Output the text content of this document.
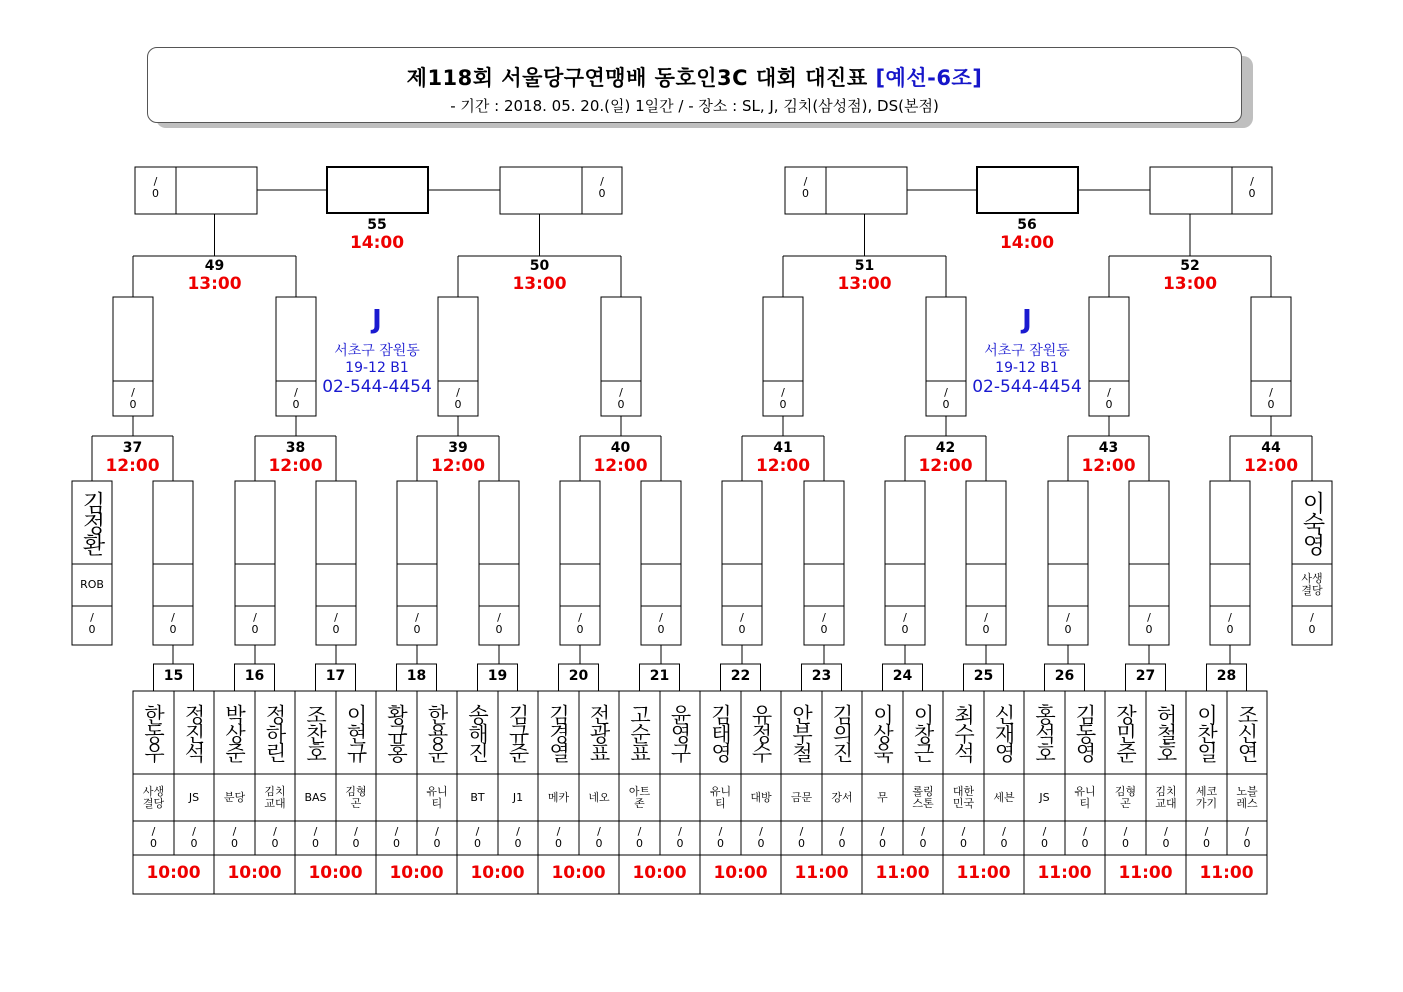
제118회 서울당구연맹배 동호인3C 대회 대진표 [예선-6조]
- 기간 : 2018. 05. 20.(일) 1일간 / - 장소 : SL, J, 김치(삼성점), DS(본점)
15
한동우
사생
결당
/
0
정진석
JS
/
0
10:00
16
박상준
분당
/
0
정하린
김치
교대
/
0
10:00
17
조찬호
BAS
/
0
이현규
김형
곤
/
0
10:00
18
황규홍
/
0
한용운
유니
티
/
0
10:00
19
송해진
BT
/
0
김규준
J1
/
0
10:00
20
김경열
메카
/
0
전광표
네오
/
0
10:00
21
고순표
아트
존
/
0
윤영구
/
0
10:00
22
김태영
유니
티
/
0
유정수
대방
/
0
10:00
23
안부철
금문
/
0
김의진
강서
/
0
11:00
24
이상욱
무
/
0
이창근
롤링
스톤
/
0
11:00
25
최수석
대한
민국
/
0
신재영
세븐
/
0
11:00
26
홍석호
JS
/
0
김동영
유니
티
/
0
11:00
27
장민준
김형
곤
/
0
허철호
김치
교대
/
0
11:00
28
이찬일
세코
가기
/
0
조신연
노블
레스
/
0
11:00
/
0
/
0
/
0
/
0
/
0
/
0
/
0
/
0
/
0
/
0
/
0
/
0
/
0
/
0
/
0
/
0
김정환
ROB
이숙영
사생
결당
37
12:00
38
12:00
39
12:00
40
12:00
41
12:00
42
12:00
43
12:00
44
12:00
/
0
/
0
/
0
/
0
/
0
/
0
/
0
/
0
49
13:00
50
13:00
51
13:00
52
13:00
/
0
/
0
55
14:00
J
서초구 잠원동
19-12 B1
02-544-4454
/
0
/
0
56
14:00
J
서초구 잠원동
19-12 B1
02-544-4454
